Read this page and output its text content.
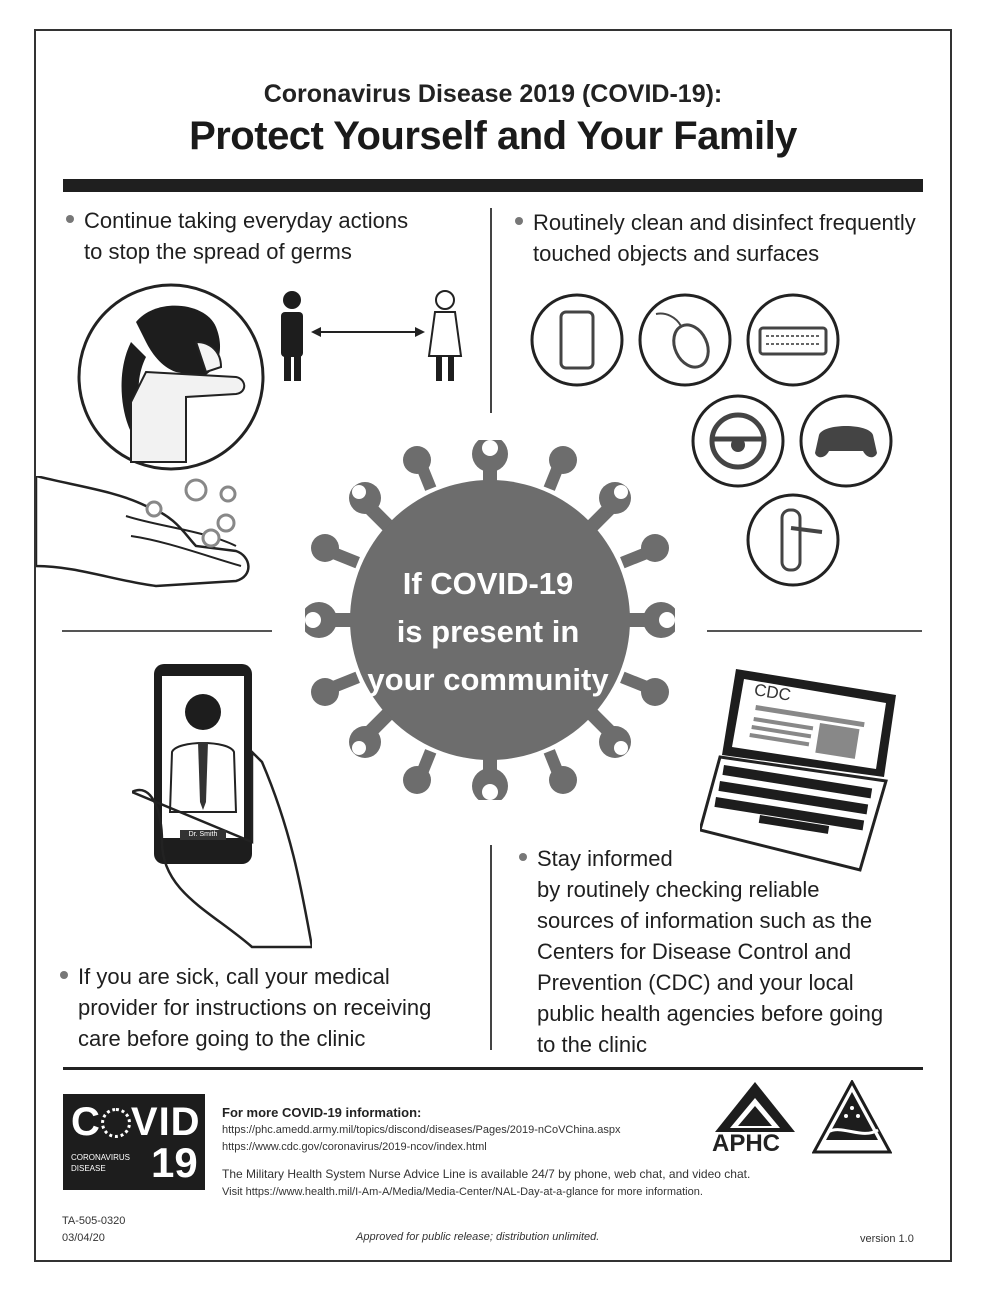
Coronavirus Disease 2019 (COVID-19):
Protect Yourself and Your Family
Continue taking everyday actions
to stop the spread of germs
Routinely clean and disinfect frequently
touched objects and surfaces
If COVID-19
is present in
your community
Dr. Smith
CDC
If you are sick, call your medical
provider for instructions on receiving
care before going to the clinic
Stay informed
by routinely checking reliable
sources of information such as the
Centers for Disease Control and
Prevention (CDC) and your local
public health agencies before going
to the clinic
C VID
CORONAVIRUS
DISEASE	19
For more COVID-19 information:
https://phc.amedd.army.mil/topics/discond/diseases/Pages/2019-nCoVChina.aspx
https://www.cdc.gov/coronavirus/2019-ncov/index.html
The Military Health System Nurse Advice Line is available 24/7 by phone, web chat, and video chat.
Visit https://www.health.mil/I-Am-A/Media/Media-Center/NAL-Day-at-a-glance for more information.
APHC
TA-505-0320
03/04/20	Approved for public release; distribution unlimited.	version 1.0
